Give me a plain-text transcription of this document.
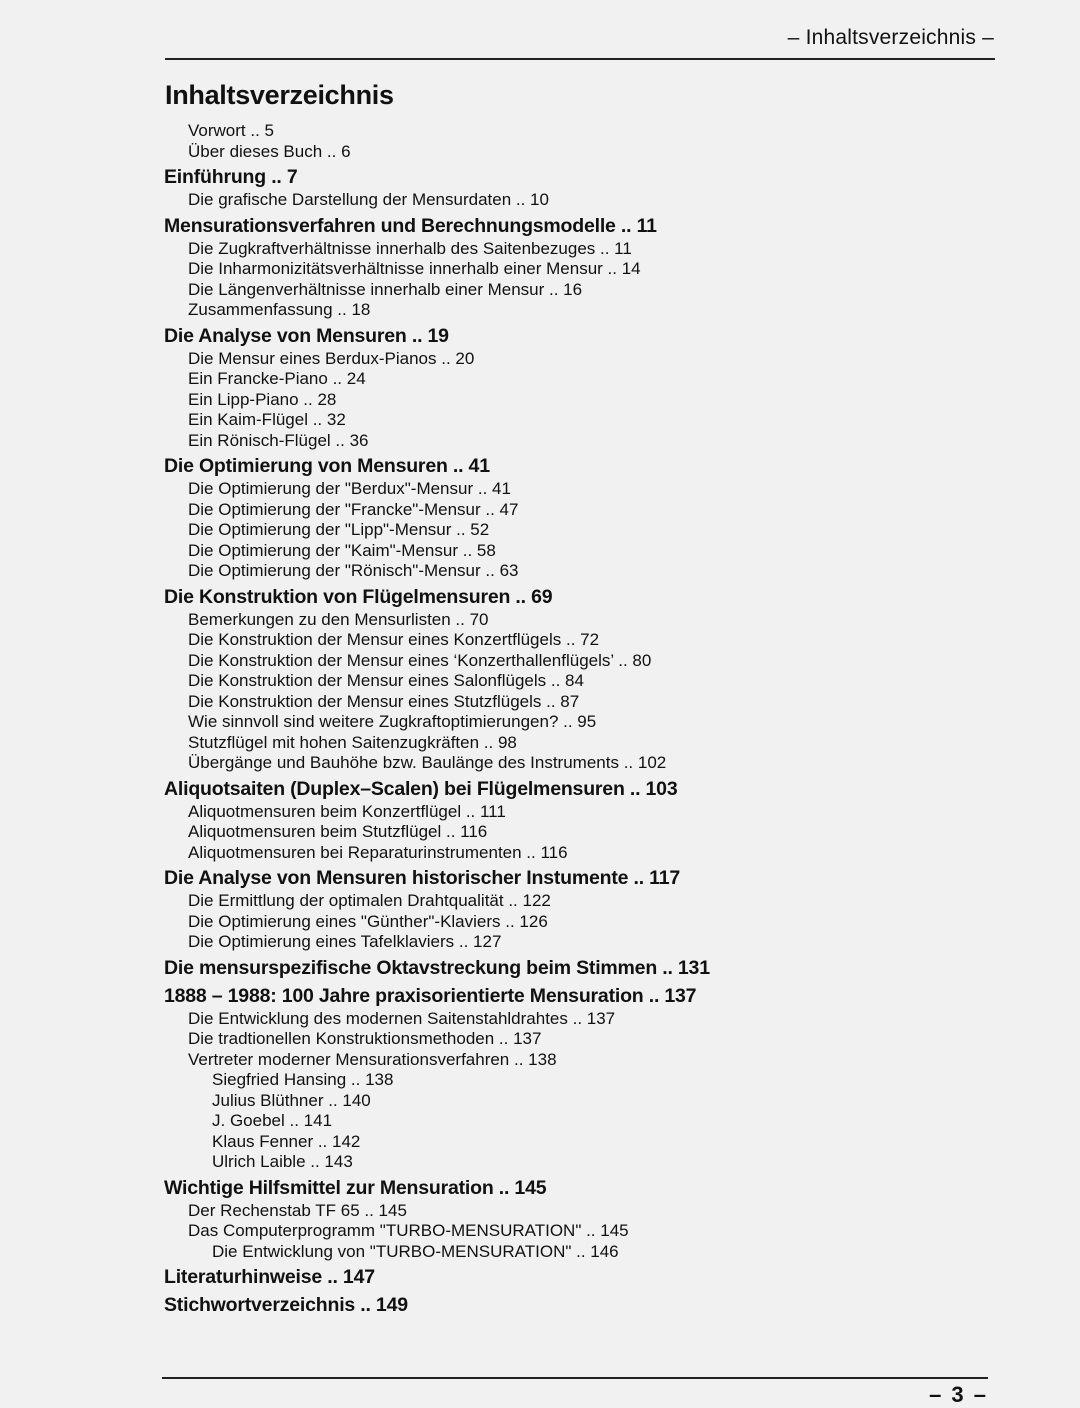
– Inhaltsverzeichnis –
Inhaltsverzeichnis
Vorwort .. 5
Über dieses Buch .. 6
Einführung .. 7
Die grafische Darstellung der Mensurdaten .. 10
Mensurationsverfahren und Berechnungsmodelle .. 11
Die Zugkraftverhältnisse innerhalb des Saitenbezuges .. 11
Die Inharmonizitätsverhältnisse innerhalb einer Mensur .. 14
Die Längenverhältnisse innerhalb einer Mensur .. 16
Zusammenfassung .. 18
Die Analyse von Mensuren .. 19
Die Mensur eines Berdux-Pianos .. 20
Ein Francke-Piano .. 24
Ein Lipp-Piano .. 28
Ein Kaim-Flügel .. 32
Ein Rönisch-Flügel .. 36
Die Optimierung von Mensuren .. 41
Die Optimierung der "Berdux"-Mensur .. 41
Die Optimierung der "Francke"-Mensur .. 47
Die Optimierung der "Lipp"-Mensur .. 52
Die Optimierung der "Kaim"-Mensur .. 58
Die Optimierung der "Rönisch"-Mensur .. 63
Die Konstruktion von Flügelmensuren .. 69
Bemerkungen zu den Mensurlisten .. 70
Die Konstruktion der Mensur eines Konzertflügels .. 72
Die Konstruktion der Mensur eines ‘Konzerthallenflügels’ .. 80
Die Konstruktion der Mensur eines Salonflügels .. 84
Die Konstruktion der Mensur eines Stutzflügels .. 87
Wie sinnvoll sind weitere Zugkraftoptimierungen? .. 95
Stutzflügel mit hohen Saitenzugkräften .. 98
Übergänge und Bauhöhe bzw. Baulänge des Instruments .. 102
Aliquotsaiten (Duplex–Scalen) bei Flügelmensuren .. 103
Aliquotmensuren beim Konzertflügel .. 111
Aliquotmensuren beim Stutzflügel .. 116
Aliquotmensuren bei Reparaturinstrumenten .. 116
Die Analyse von Mensuren historischer Instumente .. 117
Die Ermittlung der optimalen Drahtqualität .. 122
Die Optimierung eines "Günther"-Klaviers .. 126
Die Optimierung eines Tafelklaviers .. 127
Die mensurspezifische Oktavstreckung beim Stimmen .. 131
1888 – 1988: 100 Jahre praxisorientierte Mensuration .. 137
Die Entwicklung des modernen Saitenstahldrahtes .. 137
Die tradtionellen Konstruktionsmethoden .. 137
Vertreter moderner Mensurationsverfahren .. 138
Siegfried Hansing .. 138
Julius Blüthner .. 140
J. Goebel .. 141
Klaus Fenner .. 142
Ulrich Laible .. 143
Wichtige Hilfsmittel zur Mensuration .. 145
Der Rechenstab TF 65 .. 145
Das Computerprogramm "TURBO-MENSURATION" .. 145
Die Entwicklung von "TURBO-MENSURATION" .. 146
Literaturhinweise .. 147
Stichwortverzeichnis .. 149
– 3 –
